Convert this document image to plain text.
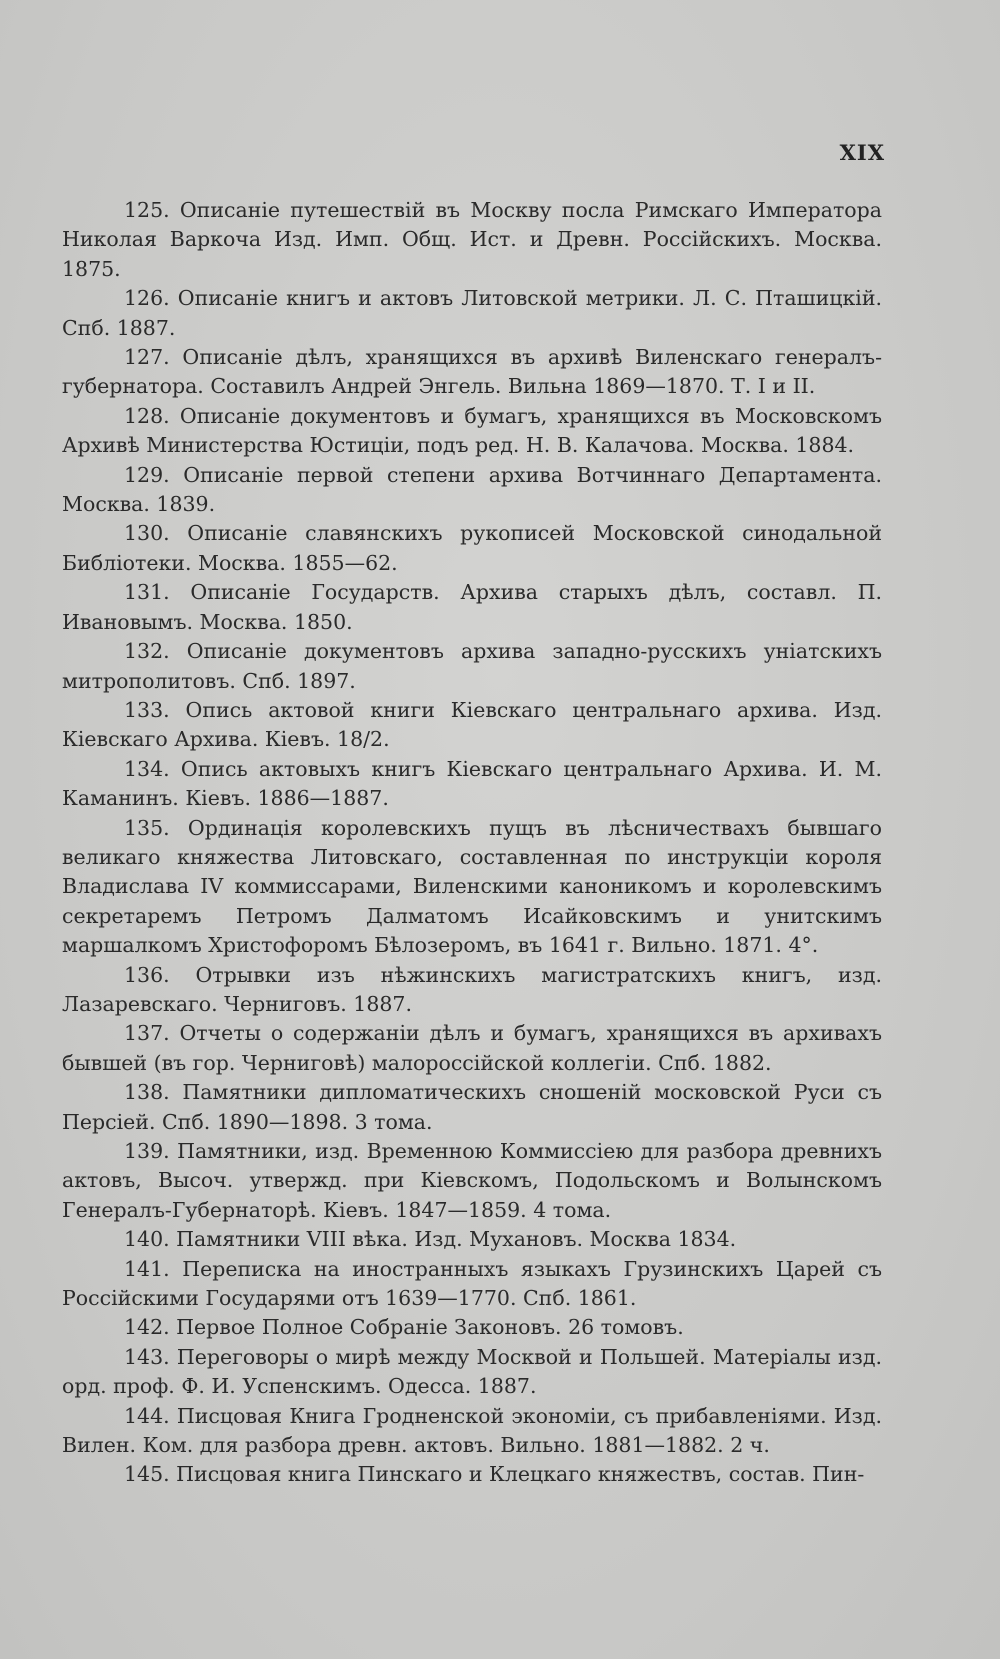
XIX

125. Описаніе путешествій въ Москву посла Римскаго Императора Николая Варкоча Изд. Имп. Общ. Ист. и Древн. Россійскихъ. Москва. 1875.

126. Описаніе книгъ и актовъ Литовской метрики. Л. С. Пташицкій. Спб. 1887.

127. Описаніе дѣлъ, хранящихся въ архивѣ Виленскаго генералъ-губернатора. Составилъ Андрей Энгель. Вильна 1869—1870. Т. I и II.

128. Описаніе документовъ и бумагъ, хранящихся въ Московскомъ Архивѣ Министерства Юстиціи, подъ ред. Н. В. Калачова. Москва. 1884.

129. Описаніе первой степени архива Вотчиннаго Департамента. Москва. 1839.

130. Описаніе славянскихъ рукописей Московской синодальной Библіотеки. Москва. 1855—62.

131. Описаніе Государств. Архива старыхъ дѣлъ, составл. П. Ивановымъ. Москва. 1850.

132. Описаніе документовъ архива западно-русскихъ уніатскихъ митрополитовъ. Спб. 1897.

133. Опись актовой книги Кіевскаго центральнаго архива. Изд. Кіевскаго Архива. Кіевъ. 18/2.

134. Опись актовыхъ книгъ Кіевскаго центральнаго Архива. И. М. Каманинъ. Кіевъ. 1886—1887.

135. Ординація королевскихъ пущъ въ лѣсничествахъ бывшаго великаго княжества Литовскаго, составленная по инструкціи короля Владислава IV коммиссарами, Виленскими каноникомъ и королевскимъ секретаремъ Петромъ Далматомъ Исайковскимъ и унитскимъ маршалкомъ Христофоромъ Бѣлозеромъ, въ 1641 г. Вильно. 1871. 4°.

136. Отрывки изъ нѣжинскихъ магистратскихъ книгъ, изд. Лазаревскаго. Черниговъ. 1887.

137. Отчеты о содержаніи дѣлъ и бумагъ, хранящихся въ архивахъ бывшей (въ гор. Черниговѣ) малороссійской коллегіи. Спб. 1882.

138. Памятники дипломатическихъ сношеній московской Руси съ Персіей. Спб. 1890—1898. 3 тома.

139. Памятники, изд. Временною Коммиссіею для разбора древнихъ актовъ, Высоч. утвержд. при Кіевскомъ, Подольскомъ и Волынскомъ Генералъ-Губернаторѣ. Кіевъ. 1847—1859. 4 тома.

140. Памятники VIII вѣка. Изд. Мухановъ. Москва 1834.

141. Переписка на иностранныхъ языкахъ Грузинскихъ Царей съ Россійскими Государями отъ 1639—1770. Спб. 1861.

142. Первое Полное Собраніе Законовъ. 26 томовъ.

143. Переговоры о мирѣ между Москвой и Польшей. Матеріалы изд. орд. проф. Ф. И. Успенскимъ. Одесса. 1887.

144. Писцовая Книга Гродненской экономіи, съ прибавленіями. Изд. Вилен. Ком. для разбора древн. актовъ. Вильно. 1881—1882. 2 ч.

145. Писцовая книга Пинскаго и Клецкаго княжествъ, состав. Пин-
